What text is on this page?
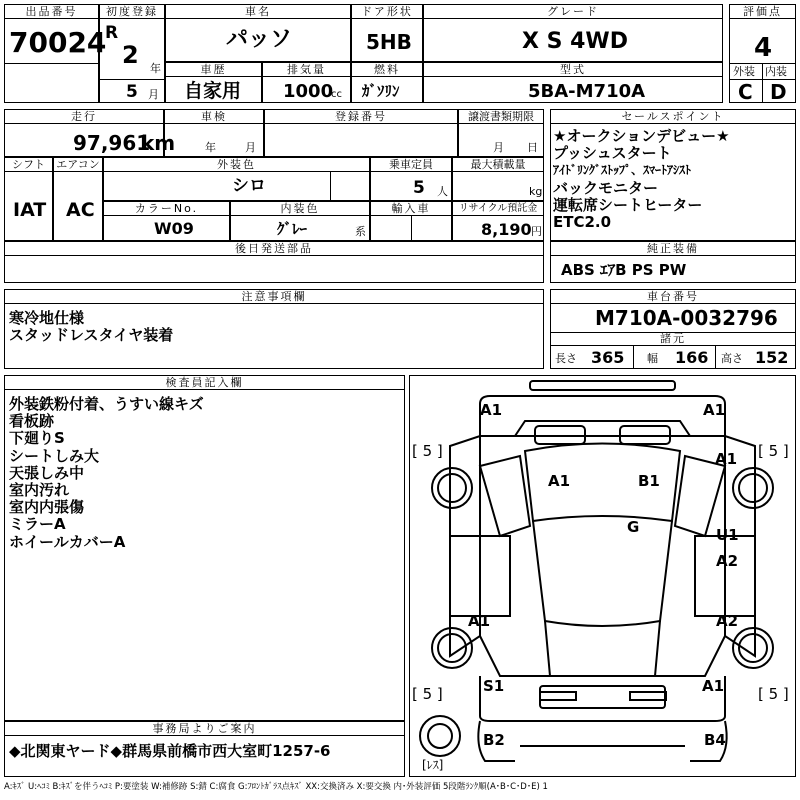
出品番号
70024
初度登録
R
2 年
5 月
車名
パッソ
ドア形状
5HB
グレード
X S 4WD
評価点
4
外装 内装
C D
車歴
自家用
排気量
1000
cc
燃料
ｶﾞｿﾘﾝ
型式
5BA-M710A
走行
97,961
km
車検
年	月
登録番号	譲渡書類期限
月 日
シフト
IAT
エアコン
AC
外装色
シロ
乗車定員
5 人
最大積載量
kg
カラーNo.
W09
内装色
ｸﾞﾚｰ	系
輸入車	リサイクル預託金
8,190 円
後日発送部品
セールスポイント
★オークションデビュー★
プッシュスタート
ｱｲﾄﾞﾘﾝｸﾞｽﾄｯﾌﾟ、ｽﾏｰﾄｱｼｽﾄ
バックモニター
運転席シートヒーター
ETC2.0
純正装備
ABS ｴｱB PS PW
注意事項欄
寒冷地仕様
スタッドレスタイヤ装着
車台番号
M710A-0032796
諸元
長さ 365 幅 166 高さ 152
検査員記入欄
外装鉄粉付着、うすい線キズ
看板跡
下廻りS
シートしみ大
天張しみ中
室内汚れ
室内内張傷
ミラーA
ホイールカバーA
事務局よりご案内
◆北関東ヤード◆群馬県前橋市西大室町1257-6
A1	A1
A1
A1
B1
G	U1
A2
A1	A2
S1	A1
B2	B4
[ 5 ]	[ 5 ]
[ 5 ]	[ 5 ]
[ﾚｽ]
A:ｷｽﾞ U:ﾍｺﾐ B:ｷｽﾞを伴うﾍｺﾐ P:要塗装 W:補修跡 S:錆 C:腐食 G:ﾌﾛﾝﾄｶﾞﾗｽ点ｷｽﾞ XX:交換済み X:要交換 内･外装評価 5段階ﾗﾝｸ順(A･B･C･D･E) 1
